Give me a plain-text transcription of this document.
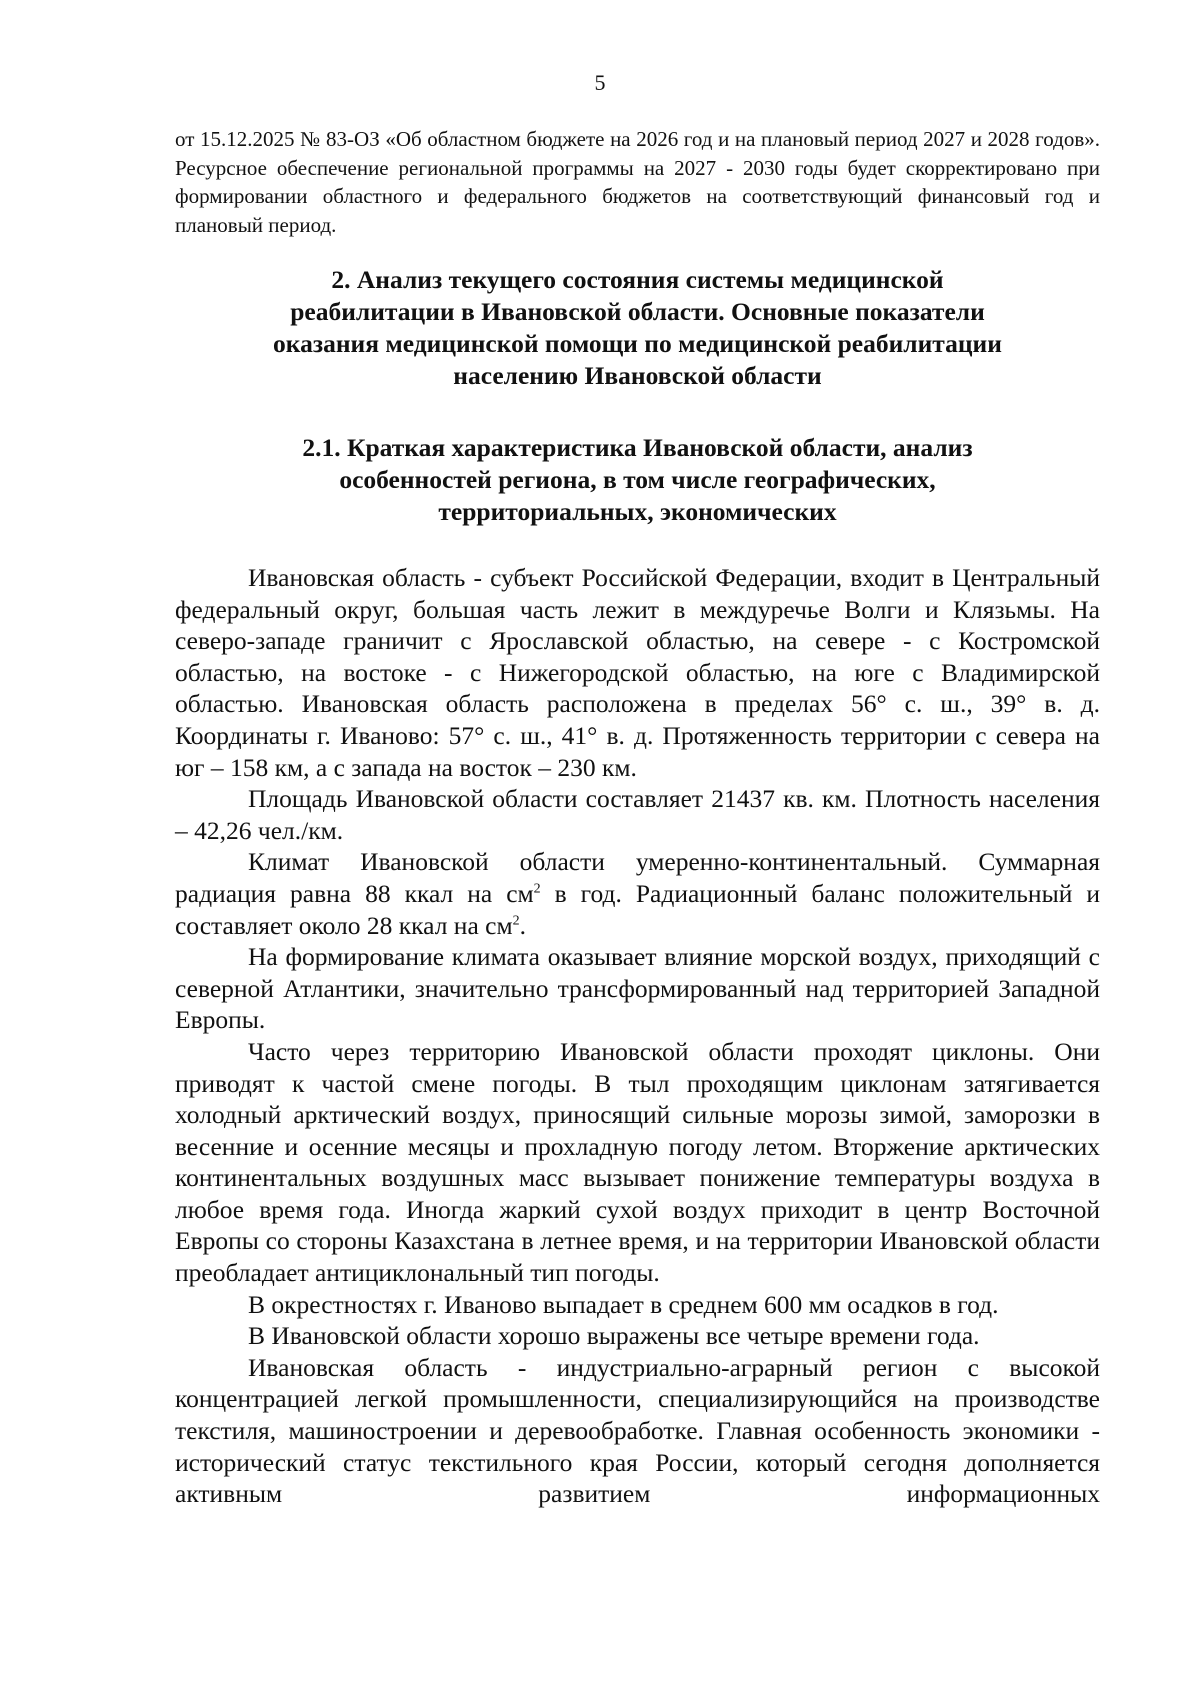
5

от 15.12.2025 № 83-ОЗ «Об областном бюджете на 2026 год и на плановый период 2027 и 2028 годов». Ресурсное обеспечение региональной программы на 2027 - 2030 годы будет скорректировано при формировании областного и федерального бюджетов на соответствующий финансовый год и плановый период.

2. Анализ текущего состояния системы медицинской
реабилитации в Ивановской области. Основные показатели
оказания медицинской помощи по медицинской реабилитации
населению Ивановской области
2.1. Краткая характеристика Ивановской области, анализ
особенностей региона, в том числе географических,
территориальных, экономических

Ивановская область - субъект Российской Федерации, входит в Центральный федеральный округ, большая часть лежит в междуречье Волги и Клязьмы. На северо-западе граничит с Ярославской областью, на севере - с Костромской областью, на востоке - с Нижегородской областью, на юге с Владимирской областью. Ивановская область расположена в пределах 56° с. ш., 39° в. д. Координаты г. Иваново: 57° с. ш., 41° в. д. Протяженность территории с севера на юг – 158 км, а с запада на восток – 230 км.

Площадь Ивановской области составляет 21437 кв. км. Плотность населения – 42,26 чел./км.

Климат Ивановской области умеренно-континентальный. Суммарная радиация равна 88 ккал на $см^2$ в год. Радиационный баланс положительный и составляет около 28 ккал на $см^2$.

На формирование климата оказывает влияние морской воздух, приходящий с северной Атлантики, значительно трансформированный над территорией Западной Европы.

Часто через территорию Ивановской области проходят циклоны. Они приводят к частой смене погоды. В тыл проходящим циклонам затягивается холодный арктический воздух, приносящий сильные морозы зимой, заморозки в весенние и осенние месяцы и прохладную погоду летом. Вторжение арктических континентальных воздушных масс вызывает понижение температуры воздуха в любое время года. Иногда жаркий сухой воздух приходит в центр Восточной Европы со стороны Казахстана в летнее время, и на территории Ивановской области преобладает антициклональный тип погоды.

В окрестностях г. Иваново выпадает в среднем 600 мм осадков в год.

В Ивановской области хорошо выражены все четыре времени года.

Ивановская область - индустриально-аграрный регион с высокой концентрацией легкой промышленности, специализирующийся на производстве текстиля, машиностроении и деревообработке. Главная особенность экономики - исторический статус текстильного края России, который сегодня дополняется активным развитием информационных
